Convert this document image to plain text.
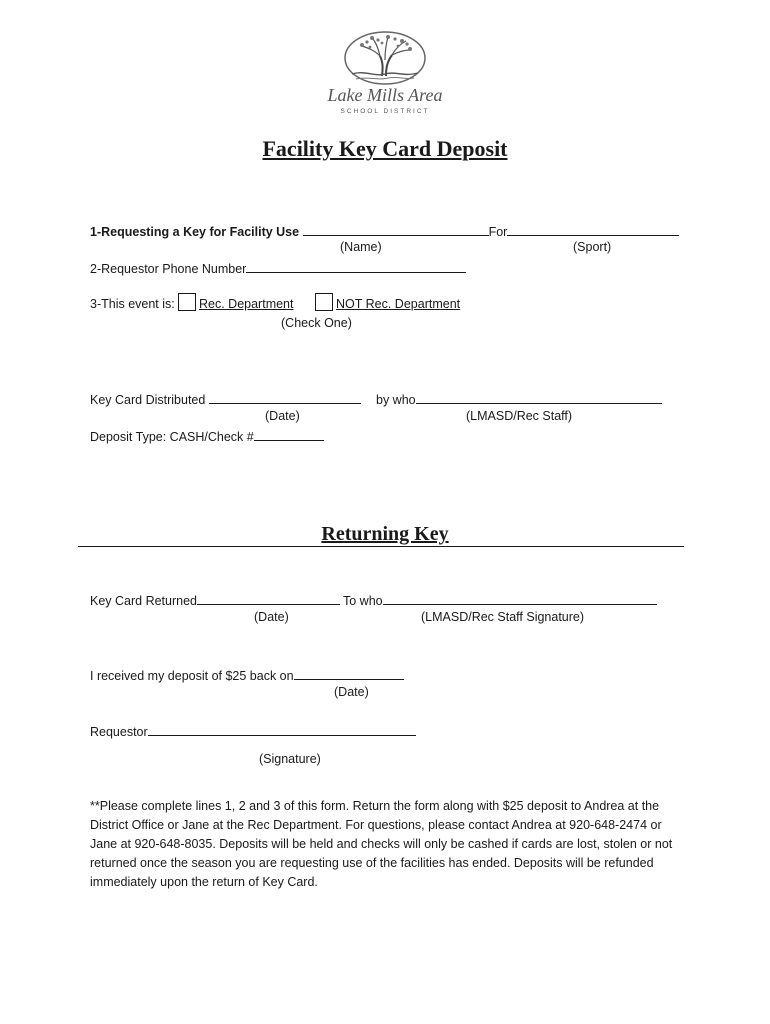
Lake Mills Area
SCHOOL DISTRICT
Facility Key Card Deposit
1-Requesting a Key for Facility Use	For
(Name)	(Sport)
2-Requestor Phone Number
3-This event is: Rec. Department	NOT Rec. Department
(Check One)
Key Card Distributed	by who
(Date)	(LMASD/Rec Staff)
Deposit Type: CASH/Check #
Returning Key
Key Card Returned	To who
(Date)	(LMASD/Rec Staff Signature)
I received my deposit of $25 back on
(Date)
Requestor
(Signature)
**Please complete lines 1, 2 and 3 of this form. Return the form along with $25 deposit to Andrea at the District Office or Jane at the Rec Department. For questions, please contact Andrea at 920-648-2474 or Jane at 920-648-8035. Deposits will be held and checks will only be cashed if cards are lost, stolen or not returned once the season you are requesting use of the facilities has ended. Deposits will be refunded immediately upon the return of Key Card.
